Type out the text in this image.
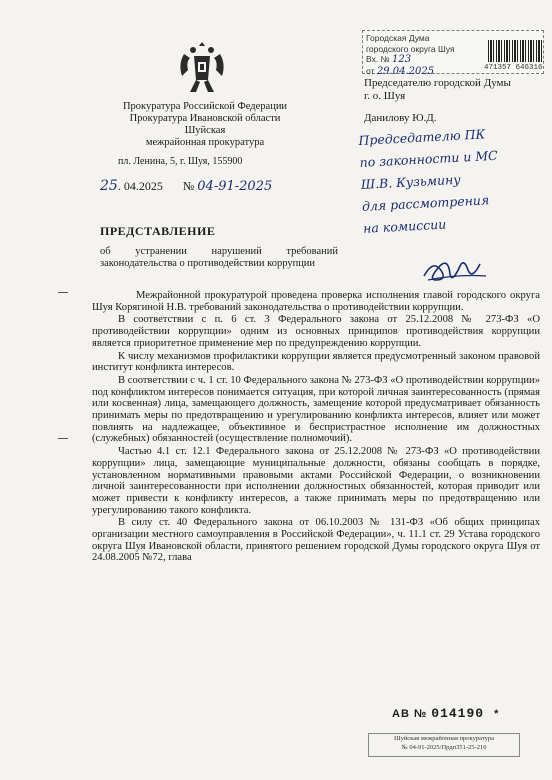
Городская Дума
городского округа Шуя
Вх. № 123
от 29.04.2025	471357 646316
Прокуратура Российской Федерации
Прокуратура Ивановской области
Шуйская
межрайонная прокуратура
пл. Ленина, 5, г. Шуя, 155900
25. 04.2025 № 04-91-2025
Председателю городской Думы
г. о. Шуя
Данилову Ю.Д.
Председателю ПК
по законности и МС
Ш.В. Кузьмину
для рассмотрения
на комиссии
ПРЕДСТАВЛЕНИЕ
об устранении нарушений требований законодательства о противодействии коррупции

Межрайонной прокуратурой проведена проверка исполнения главой городского округа Шуя Корягиной Н.В. требований законодательства о противодействии коррупции.

В соответствии с п. 6 ст. 3 Федерального закона от 25.12.2008 № 273-ФЗ «О противодействии коррупции» одним из основных принципов противодействия коррупции является приоритетное применение мер по предупреждению коррупции.

К числу механизмов профилактики коррупции является предусмотренный законом правовой институт конфликта интересов.

В соответствии с ч. 1 ст. 10 Федерального закона № 273-ФЗ «О противодействии коррупции» под конфликтом интересов понимается ситуация, при которой личная заинтересованность (прямая или косвенная) лица, замещающего должность, замещение которой предусматривает обязанность принимать меры по предотвращению и урегулированию конфликта интересов, влияет или может повлиять на надлежащее, объективное и беспристрастное исполнение им должностных (служебных) обязанностей (осуществление полномочий).

Частью 4.1 ст. 12.1 Федерального закона от 25.12.2008 № 273-ФЗ «О противодействии коррупции» лица, замещающие муниципальные должности, обязаны сообщать в порядке, установленном нормативными правовыми актами Российской Федерации, о возникновении личной заинтересованности при исполнении должностных обязанностей, которая приводит или может привести к конфликту интересов, а также принимать меры по предотвращению или урегулированию такого конфликта.

В силу ст. 40 Федерального закона от 06.10.2003 № 131-ФЗ «Об общих принципах организации местного самоуправления в Российской Федерации», ч. 11.1 ст. 29 Устава городского округа Шуя Ивановской области, принятого решением городской Думы городского округа Шуя от 24.08.2005 №72, глава

АВ № 014190 *
Шуйская межрайонная прокуратура
№ 04-91-2025/Прдп351-25-210
